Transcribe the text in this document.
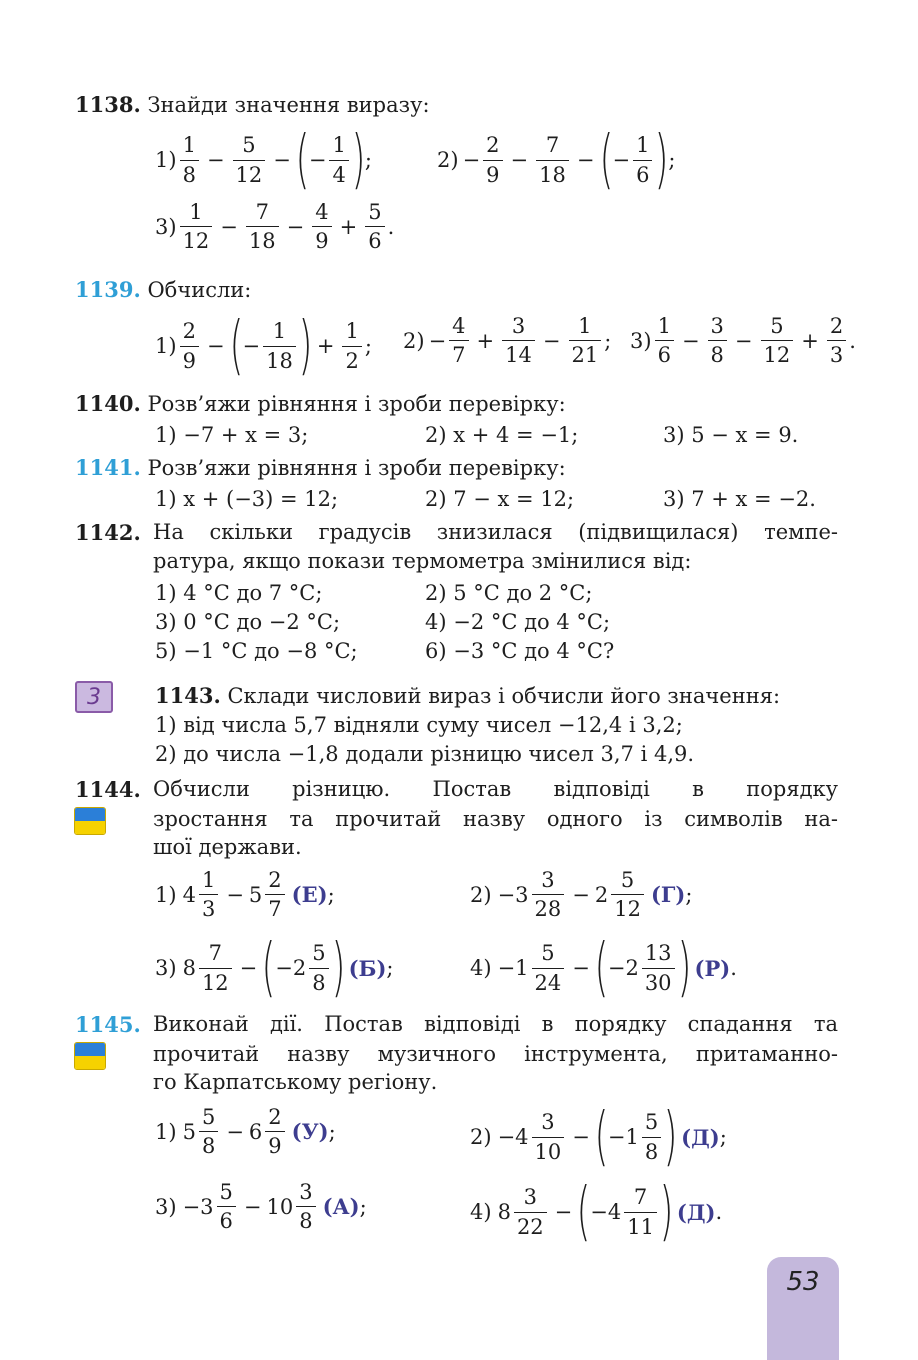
1138. Знайди значення виразу:
$1) \frac{1}{8} - \frac{5}{12}$ − ( − $\frac{1}{4}$ ) ;	$2) - \frac{2}{9} - \frac{7}{18}$ − ( − $\frac{1}{6}$ ) ;
$3) \frac{1}{12} - \frac{7}{18} - \frac{4}{9} + \frac{5}{6}$ .
1139. Обчисли:
$1) \frac{2}{9}$ − ( − $\frac{1}{18}$ ) + $\frac{1}{2}$ ; $2) - \frac{4}{7} + \frac{3}{14} - \frac{1}{21}$ ; $3) \frac{1}{6} - \frac{3}{8} - \frac{5}{12} + \frac{2}{3}$ .
1140. Розв’яжи рівняння і зроби перевірку:
1) −7 + x = 3;	2) x + 4 = −1;	3) 5 − x = 9.
1141. Розв’яжи рівняння і зроби перевірку:
1) x + (−3) = 12;	2) 7 − x = 12;	3) 7 + x = −2.
1142. На скільки градусів знизилася (підвищилася) темпе-
ратура, якщо покази термометра змінилися від:
1) 4 °C до 7 °C;	2) 5 °C до 2 °C;
3) 0 °C до −2 °C;	4) −2 °C до 4 °C;
5) −1 °C до −8 °C;	6) −3 °C до 4 °C?
3	1143. Склади числовий вираз і обчисли його значення:
1) від числа 5,7 відняли суму чисел −12,4 і 3,2;
2) до числа −1,8 додали різницю чисел 3,7 і 4,9.
1144. Обчисли різницю. Постав відповіді в порядку
зростання та прочитай назву одного із символів на-
шої держави.
1) $4 \frac{1}{3} - 5 \frac{2}{7} (Е)$ ;	$2) -3 \frac{3}{28} - 2 \frac{5}{12} (Г)$ ;
3) $8 \frac{7}{12}$ − ( $-2 \frac{5}{8}$ ) (Б) ;	$4) -1 \frac{5}{24}$ − ( $-2 \frac{13}{30}$ ) (Р) .
1145. Виконай дії. Постав відповіді в порядку спадання та
прочитай назву музичного інструмента, притаманно-
го Карпатському регіону.
1) $5 \frac{5}{8} - 6 \frac{2}{9} (У)$ ;	$2) -4 \frac{3}{10}$ − ( $-1 \frac{5}{8}$ ) (Д) ;
$3) -3 \frac{5}{6} - 10 \frac{3}{8} (А)$ ;	4) $8 \frac{3}{22}$ − ( $-4 \frac{7}{11}$ ) (Д) .
53
